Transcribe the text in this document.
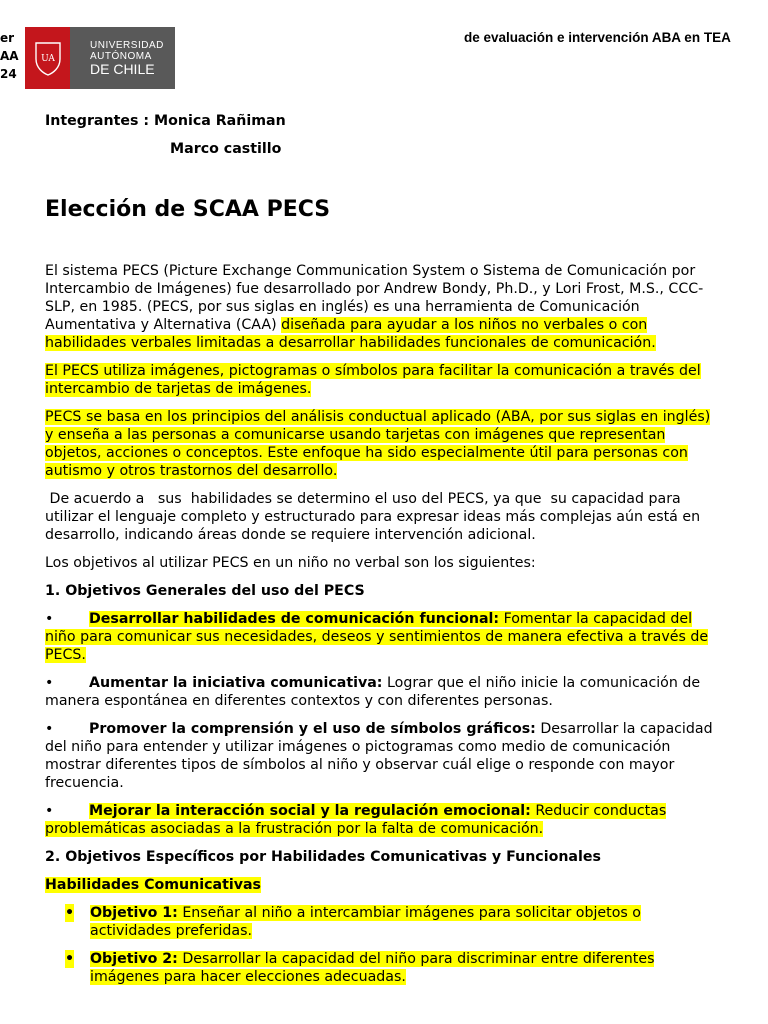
er
AA
24
UA
UNIVERSIDAD
AUTÓNOMA
DE CHILE
de evaluación e intervención ABA en TEA
Integrantes : Monica Rañiman
Marco castillo
Elección de SCAA PECS

El sistema PECS (Picture Exchange Communication System o Sistema de Comunicación por Intercambio de Imágenes) fue desarrollado por Andrew Bondy, Ph.D., y Lori Frost, M.S., CCC-SLP, en 1985. (PECS, por sus siglas en inglés) es una herramienta de Comunicación Aumentativa y Alternativa (CAA) diseñada para ayudar a los niños no verbales o con habilidades verbales limitadas a desarrollar habilidades funcionales de comunicación.

El PECS utiliza imágenes, pictogramas o símbolos para facilitar la comunicación a través del intercambio de tarjetas de imágenes.

PECS se basa en los principios del análisis conductual aplicado (ABA, por sus siglas en inglés) y enseña a las personas a comunicarse usando tarjetas con imágenes que representan objetos, acciones o conceptos. Este enfoque ha sido especialmente útil para personas con autismo y otros trastornos del desarrollo.

De acuerdo a   sus  habilidades se determino el uso del PECS, ya que  su capacidad para utilizar el lenguaje completo y estructurado para expresar ideas más complejas aún está en desarrollo, indicando áreas donde se requiere intervención adicional.

Los objetivos al utilizar PECS en un niño no verbal son los siguientes:

1. Objetivos Generales del uso del PECS

•	Desarrollar habilidades de comunicación funcional: Fomentar la capacidad del niño para comunicar sus necesidades, deseos y sentimientos de manera efectiva a través de PECS.

•	Aumentar la iniciativa comunicativa: Lograr que el niño inicie la comunicación de manera espontánea en diferentes contextos y con diferentes personas.

•	Promover la comprensión y el uso de símbolos gráficos: Desarrollar la capacidad del niño para entender y utilizar imágenes o pictogramas como medio de comunicación mostrar diferentes tipos de símbolos al niño y observar cuál elige o responde con mayor frecuencia.

•	Mejorar la interacción social y la regulación emocional: Reducir conductas problemáticas asociadas a la frustración por la falta de comunicación.

2. Objetivos Específicos por Habilidades Comunicativas y Funcionales
Habilidades Comunicativas
• Objetivo 1: Enseñar al niño a intercambiar imágenes para solicitar objetos o actividades preferidas.
• Objetivo 2: Desarrollar la capacidad del niño para discriminar entre diferentes imágenes para hacer elecciones adecuadas.
